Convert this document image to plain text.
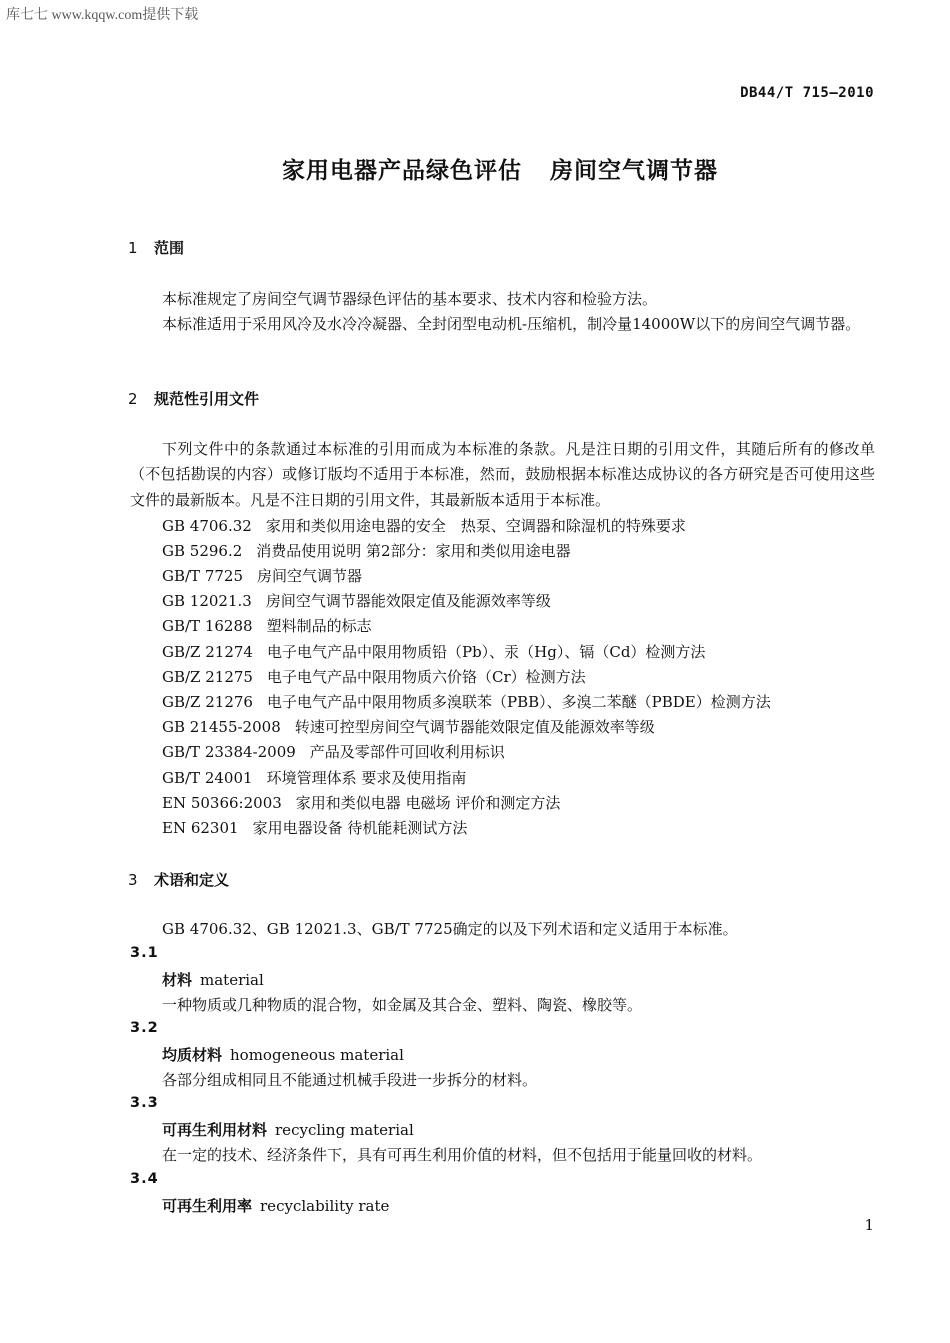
库七七 www.kqqw.com提供下载
DB44/T 715—2010
家用电器产品绿色评估 房间空气调节器
1 范围
本标准规定了房间空气调节器绿色评估的基本要求、技术内容和检验方法。
本标准适用于采用风冷及水冷冷凝器、全封闭型电动机-压缩机，制冷量14000W以下的房间空气调节器。
2 规范性引用文件
下列文件中的条款通过本标准的引用而成为本标准的条款。凡是注日期的引用文件，其随后所有的修改单（不包括勘误的内容）或修订版均不适用于本标准，然而，鼓励根据本标准达成协议的各方研究是否可使用这些文件的最新版本。凡是不注日期的引用文件，其最新版本适用于本标准。
GB 4706.32 家用和类似用途电器的安全　热泵、空调器和除湿机的特殊要求
GB 5296.2 消费品使用说明 第2部分：家用和类似用途电器
GB/T 7725 房间空气调节器
GB 12021.3 房间空气调节器能效限定值及能源效率等级
GB/T 16288 塑料制品的标志
GB/Z 21274 电子电气产品中限用物质铅（Pb）、汞（Hg）、镉（Cd）检测方法
GB/Z 21275 电子电气产品中限用物质六价铬（Cr）检测方法
GB/Z 21276 电子电气产品中限用物质多溴联苯（PBB）、多溴二苯醚（PBDE）检测方法
GB 21455-2008 转速可控型房间空气调节器能效限定值及能源效率等级
GB/T 23384-2009 产品及零部件可回收利用标识
GB/T 24001 环境管理体系 要求及使用指南
EN 50366:2003 家用和类似电器 电磁场 评价和测定方法
EN 62301 家用电器设备 待机能耗测试方法
3 术语和定义
GB 4706.32、GB 12021.3、GB/T 7725确定的以及下列术语和定义适用于本标准。
3.1
材料 material
一种物质或几种物质的混合物，如金属及其合金、塑料、陶瓷、橡胶等。
3.2
均质材料 homogeneous material
各部分组成相同且不能通过机械手段进一步拆分的材料。
3.3
可再生利用材料 recycling material
在一定的技术、经济条件下，具有可再生利用价值的材料，但不包括用于能量回收的材料。
3.4
可再生利用率 recyclability rate
1
